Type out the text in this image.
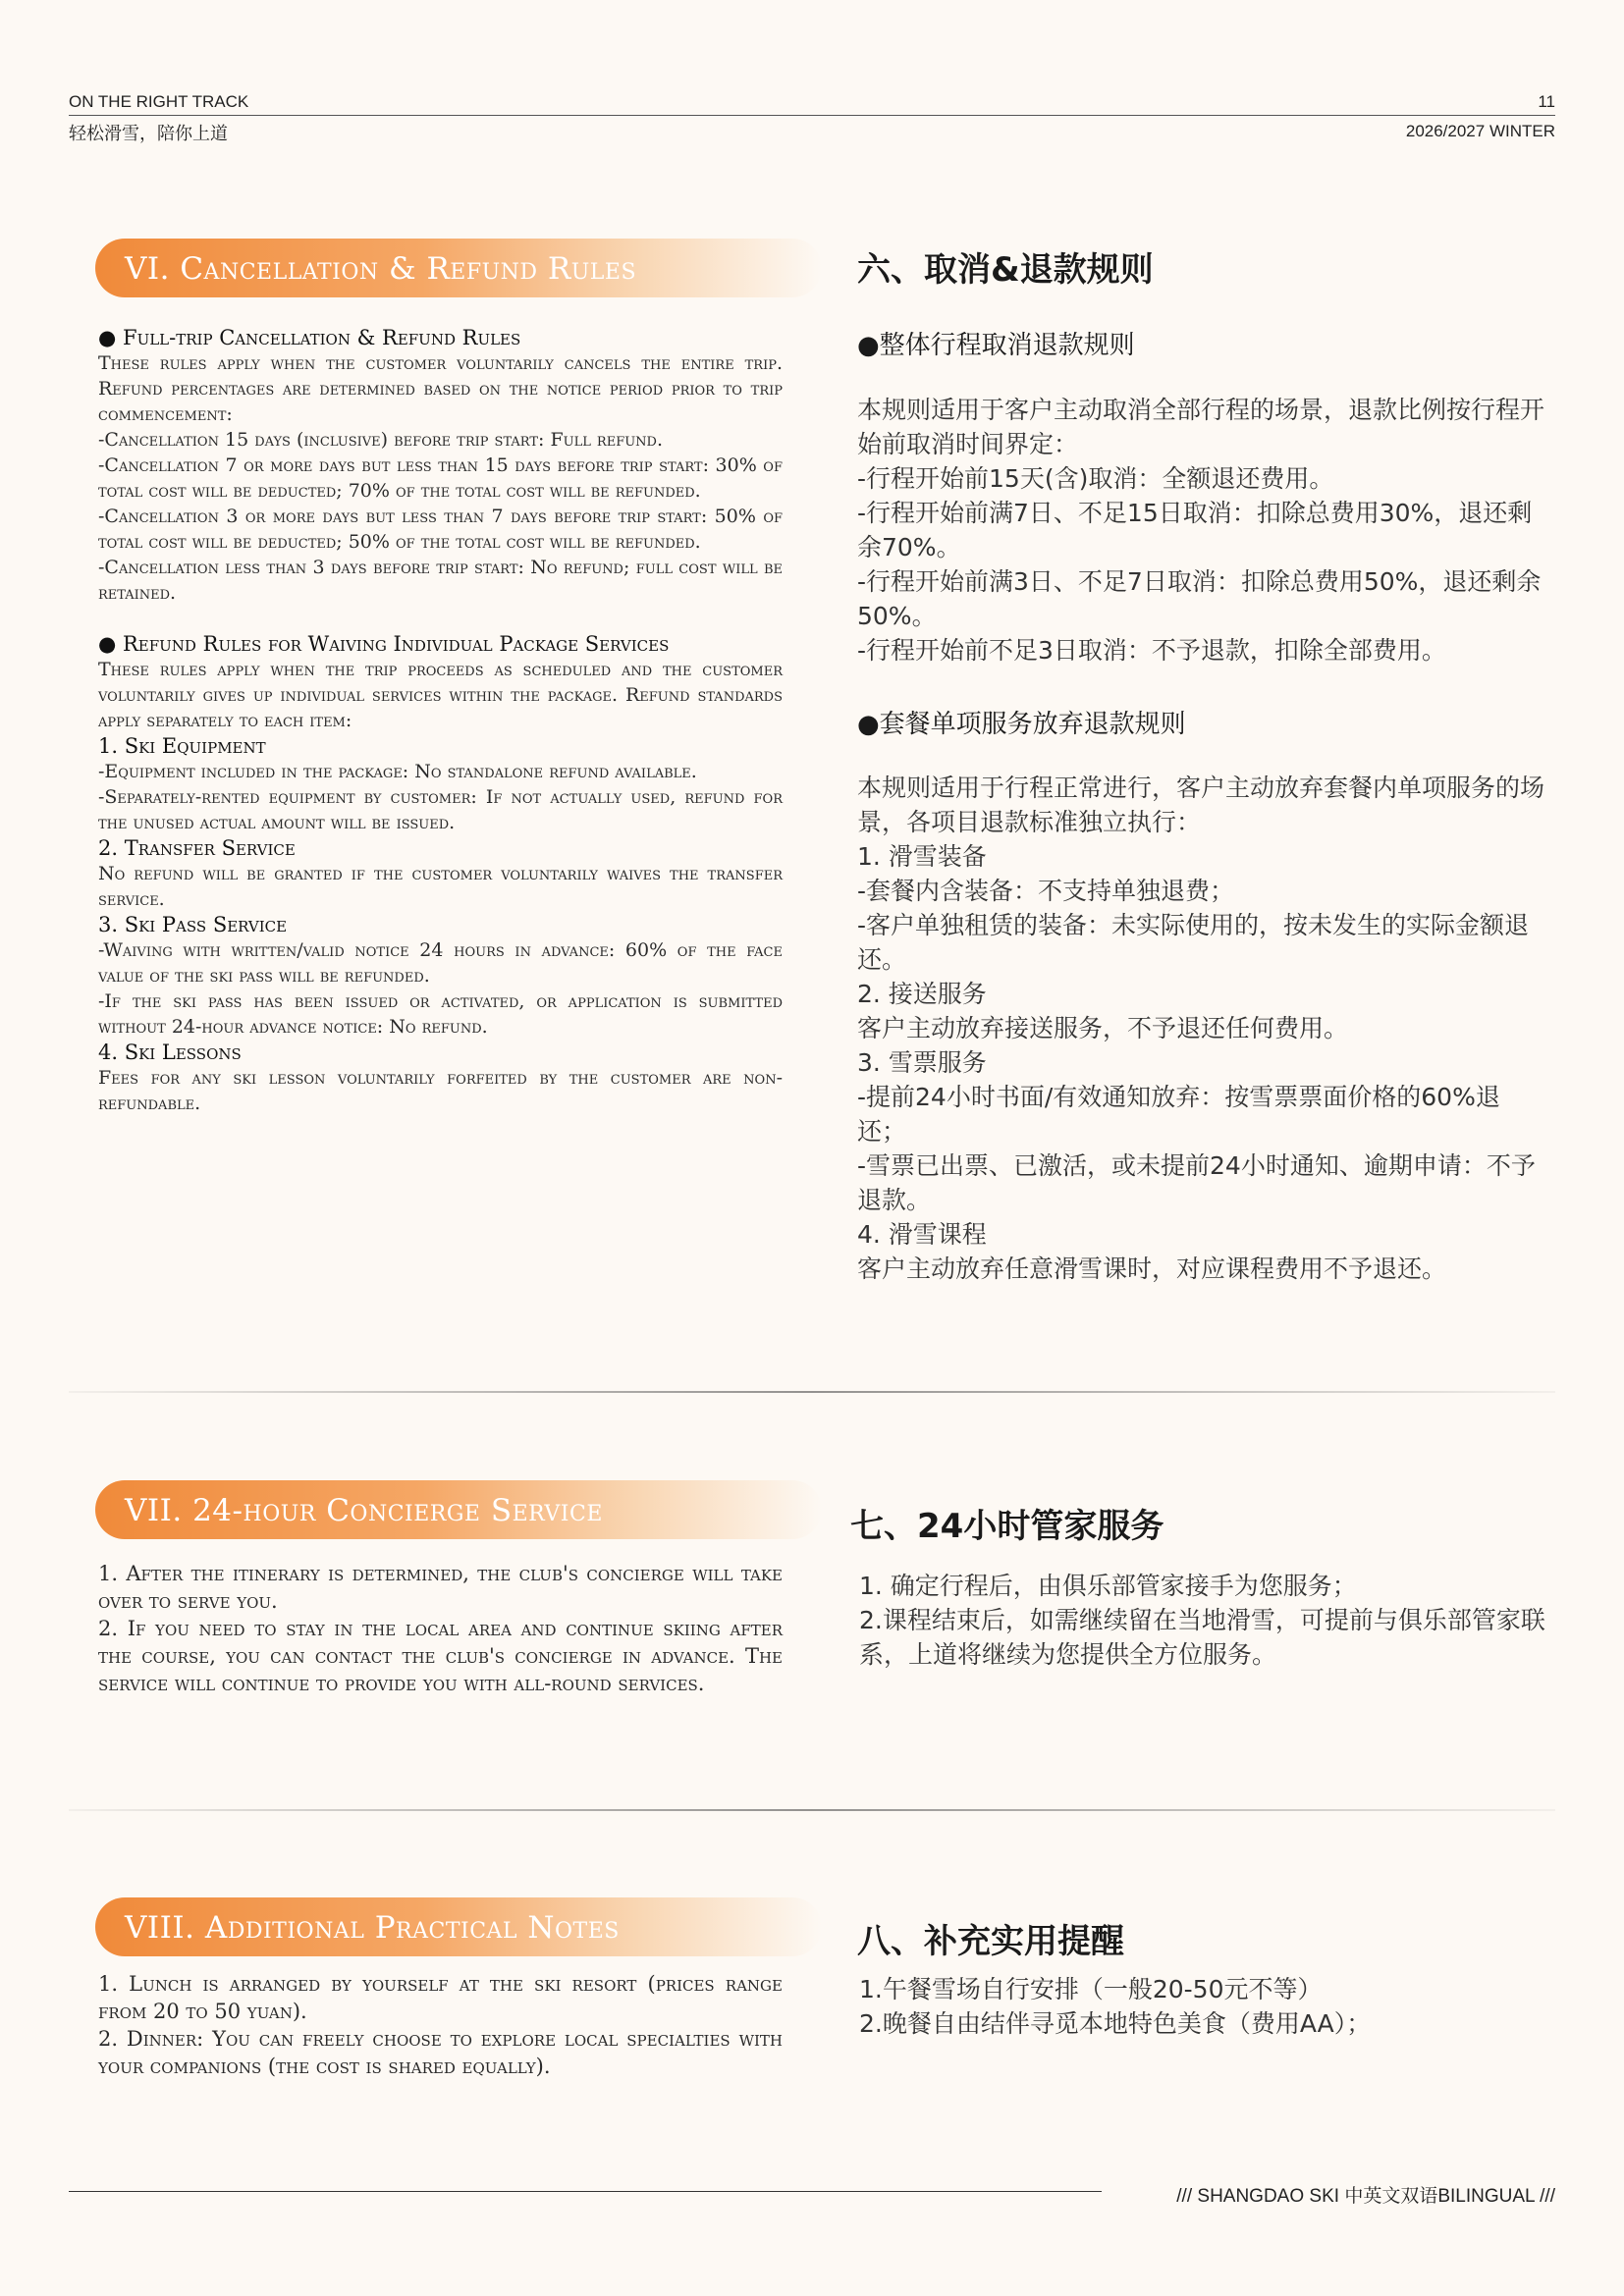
ON THE RIGHT TRACK
轻松滑雪，陪你上道
11
2026/2027 WINTER
VI. Cancellation & Refund Rules

● Full-trip Cancellation & Refund Rules

These rules apply when the customer voluntarily cancels the entire trip. Refund percentages are determined based on the notice period prior to trip commencement:

-Cancellation 15 days (inclusive) before trip start: Full refund.

-Cancellation 7 or more days but less than 15 days before trip start: 30% of total cost will be deducted; 70% of the total cost will be refunded.

-Cancellation 3 or more days but less than 7 days before trip start: 50% of total cost will be deducted; 50% of the total cost will be refunded.

-Cancellation less than 3 days before trip start: No refund; full cost will be retained.

● Refund Rules for Waiving Individual Package Services

These rules apply when the trip proceeds as scheduled and the customer voluntarily gives up individual services within the package. Refund standards apply separately to each item:

1. Ski Equipment

-Equipment included in the package: No standalone refund available.

-Separately-rented equipment by customer: If not actually used, refund for the unused actual amount will be issued.

2. Transfer Service

No refund will be granted if the customer voluntarily waives the transfer service.

3. Ski Pass Service

-Waiving with written/valid notice 24 hours in advance: 60% of the face value of the ski pass will be refunded.

-If the ski pass has been issued or activated, or application is submitted without 24-hour advance notice: No refund.

4. Ski Lessons

Fees for any ski lesson voluntarily forfeited by the customer are non-refundable.

六、取消&退款规则
●整体行程取消退款规则

本规则适用于客户主动取消全部行程的场景，退款比例按行程开始前取消时间界定：

-行程开始前15天(含)取消：全额退还费用。

-行程开始前满7日、不足15日取消：扣除总费用30%，退还剩余70%。

-行程开始前满3日、不足7日取消：扣除总费用50%，退还剩余50%。

-行程开始前不足3日取消：不予退款，扣除全部费用。

●套餐单项服务放弃退款规则

本规则适用于行程正常进行，客户主动放弃套餐内单项服务的场景，各项目退款标准独立执行：

1. 滑雪装备

-套餐内含装备：不支持单独退费；

-客户单独租赁的装备：未实际使用的，按未发生的实际金额退还。

2. 接送服务

客户主动放弃接送服务，不予退还任何费用。

3. 雪票服务

-提前24小时书面/有效通知放弃：按雪票票面价格的60%退还；

-雪票已出票、已激活，或未提前24小时通知、逾期申请：不予退款。

4. 滑雪课程

客户主动放弃任意滑雪课时，对应课程费用不予退还。

VII. 24-hour Concierge Service

1. After the itinerary is determined, the club's concierge will take over to serve you.

2. If you need to stay in the local area and continue skiing after the course, you can contact the club's concierge in advance. The service will continue to provide you with all-round services.

七、24小时管家服务

1. 确定行程后，由俱乐部管家接手为您服务；

2.课程结束后，如需继续留在当地滑雪，可提前与俱乐部管家联系，上道将继续为您提供全方位服务。

VIII. Additional Practical Notes

1. Lunch is arranged by yourself at the ski resort (prices range from 20 to 50 yuan).

2. Dinner: You can freely choose to explore local specialties with your companions (the cost is shared equally).

八、补充实用提醒

1.午餐雪场自行安排（一般20-50元不等）

2.晚餐自由结伴寻觅本地特色美食（费用AA）；

/// SHANGDAO SKI 中英文双语BILINGUAL ///
